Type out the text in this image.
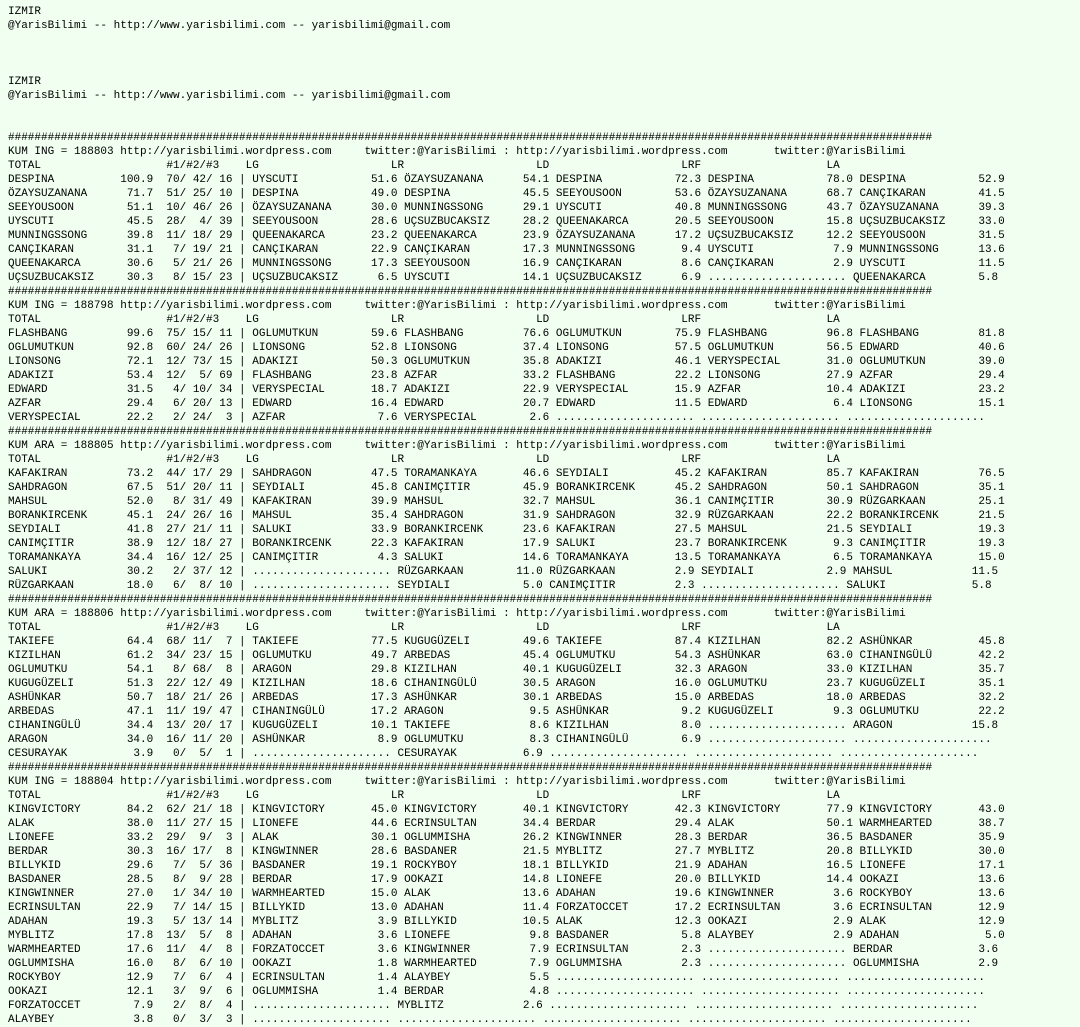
IZMIR
@YarisBilimi -- http://www.yarisbilimi.com -- yarisbilimi@gmail.com
IZMIR
@YarisBilimi -- http://www.yarisbilimi.com -- yarisbilimi@gmail.com
############################################################################################################################################
KUM ING = 188803 http://yarisbilimi.wordpress.com     twitter:@YarisBilimi : http://yarisbilimi.wordpress.com       twitter:@YarisBilimi
TOTAL                   #1/#2/#3    LG                    LR                    LD                    LRF                   LA
DESPINA          100.9  70/ 42/ 16 | UYSCUTI           51.6 ÖZAYSUZANANA      54.1 DESPINA           72.3 DESPINA           78.0 DESPINA           52.9
ÖZAYSUZANANA      71.7  51/ 25/ 10 | DESPINA           49.0 DESPINA           45.5 SEEYOUSOON        53.6 ÖZAYSUZANANA      68.7 CANÇIKARAN        41.5
SEEYOUSOON        51.1  10/ 46/ 26 | ÖZAYSUZANANA      30.0 MUNNINGSSONG      29.1 UYSCUTI           40.8 MUNNINGSSONG      43.7 ÖZAYSUZANANA      39.3
UYSCUTI           45.5  28/  4/ 39 | SEEYOUSOON        28.6 UÇSUZBUCAKSIZ     28.2 QUEENAKARCA       20.5 SEEYOUSOON        15.8 UÇSUZBUCAKSIZ     33.0
MUNNINGSSONG      39.8  11/ 18/ 29 | QUEENAKARCA       23.2 QUEENAKARCA       23.9 ÖZAYSUZANANA      17.2 UÇSUZBUCAKSIZ     12.2 SEEYOUSOON        31.5
CANÇIKARAN        31.1   7/ 19/ 21 | CANÇIKARAN        22.9 CANÇIKARAN        17.3 MUNNINGSSONG       9.4 UYSCUTI            7.9 MUNNINGSSONG      13.6
QUEENAKARCA       30.6   5/ 21/ 26 | MUNNINGSSONG      17.3 SEEYOUSOON        16.9 CANÇIKARAN         8.6 CANÇIKARAN         2.9 UYSCUTI           11.5
UÇSUZBUCAKSIZ     30.3   8/ 15/ 23 | UÇSUZBUCAKSIZ      6.5 UYSCUTI           14.1 UÇSUZBUCAKSIZ      6.9 ..................... QUEENAKARCA        5.8
############################################################################################################################################
KUM ING = 188798 http://yarisbilimi.wordpress.com     twitter:@YarisBilimi : http://yarisbilimi.wordpress.com       twitter:@YarisBilimi
TOTAL                   #1/#2/#3    LG                    LR                    LD                    LRF                   LA
FLASHBANG         99.6  75/ 15/ 11 | OGLUMUTKUN        59.6 FLASHBANG         76.6 OGLUMUTKUN        75.9 FLASHBANG         96.8 FLASHBANG         81.8
OGLUMUTKUN        92.8  60/ 24/ 26 | LIONSONG          52.8 LIONSONG          37.4 LIONSONG          57.5 OGLUMUTKUN        56.5 EDWARD            40.6
LIONSONG          72.1  12/ 73/ 15 | ADAKIZI           50.3 OGLUMUTKUN        35.8 ADAKIZI           46.1 VERYSPECIAL       31.0 OGLUMUTKUN        39.0
ADAKIZI           53.4  12/  5/ 69 | FLASHBANG         23.8 AZFAR             33.2 FLASHBANG         22.2 LIONSONG          27.9 AZFAR             29.4
EDWARD            31.5   4/ 10/ 34 | VERYSPECIAL       18.7 ADAKIZI           22.9 VERYSPECIAL       15.9 AZFAR             10.4 ADAKIZI           23.2
AZFAR             29.4   6/ 20/ 13 | EDWARD            16.4 EDWARD            20.7 EDWARD            11.5 EDWARD             6.4 LIONSONG          15.1
VERYSPECIAL       22.2   2/ 24/  3 | AZFAR              7.6 VERYSPECIAL        2.6 ..................... ..................... .....................
############################################################################################################################################
KUM ARA = 188805 http://yarisbilimi.wordpress.com     twitter:@YarisBilimi : http://yarisbilimi.wordpress.com       twitter:@YarisBilimi
TOTAL                   #1/#2/#3    LG                    LR                    LD                    LRF                   LA
KAFAKIRAN         73.2  44/ 17/ 29 | SAHDRAGON         47.5 TORAMANKAYA       46.6 SEYDIALI          45.2 KAFAKIRAN         85.7 KAFAKIRAN         76.5
SAHDRAGON         67.5  51/ 20/ 11 | SEYDIALI          45.8 CANIMÇITIR        45.9 BORANKIRCENK      45.2 SAHDRAGON         50.1 SAHDRAGON         35.1
MAHSUL            52.0   8/ 31/ 49 | KAFAKIRAN         39.9 MAHSUL            32.7 MAHSUL            36.1 CANIMÇITIR        30.9 RÜZGARKAAN        25.1
BORANKIRCENK      45.1  24/ 26/ 16 | MAHSUL            35.4 SAHDRAGON         31.9 SAHDRAGON         32.9 RÜZGARKAAN        22.2 BORANKIRCENK      21.5
SEYDIALI          41.8  27/ 21/ 11 | SALUKI            33.9 BORANKIRCENK      23.6 KAFAKIRAN         27.5 MAHSUL            21.5 SEYDIALI          19.3
CANIMÇITIR        38.9  12/ 18/ 27 | BORANKIRCENK      22.3 KAFAKIRAN         17.9 SALUKI            23.7 BORANKIRCENK       9.3 CANIMÇITIR        19.3
TORAMANKAYA       34.4  16/ 12/ 25 | CANIMÇITIR         4.3 SALUKI            14.6 TORAMANKAYA       13.5 TORAMANKAYA        6.5 TORAMANKAYA       15.0
SALUKI            30.2   2/ 37/ 12 | ..................... RÜZGARKAAN        11.0 RÜZGARKAAN         2.9 SEYDIALI           2.9 MAHSUL            11.5
RÜZGARKAAN        18.0   6/  8/ 10 | ..................... SEYDIALI           5.0 CANIMÇITIR         2.3 ..................... SALUKI             5.8
############################################################################################################################################
KUM ARA = 188806 http://yarisbilimi.wordpress.com     twitter:@YarisBilimi : http://yarisbilimi.wordpress.com       twitter:@YarisBilimi
TOTAL                   #1/#2/#3    LG                    LR                    LD                    LRF                   LA
TAKIEFE           64.4  68/ 11/  7 | TAKIEFE           77.5 KUGUGÜZELI        49.6 TAKIEFE           87.4 KIZILHAN          82.2 ASHÜNKAR          45.8
KIZILHAN          61.2  34/ 23/ 15 | OGLUMUTKU         49.7 ARBEDAS           45.4 OGLUMUTKU         54.3 ASHÜNKAR          63.0 CIHANINGÜLÜ       42.2
OGLUMUTKU         54.1   8/ 68/  8 | ARAGON            29.8 KIZILHAN          40.1 KUGUGÜZELI        32.3 ARAGON            33.0 KIZILHAN          35.7
KUGUGÜZELI        51.3  22/ 12/ 49 | KIZILHAN          18.6 CIHANINGÜLÜ       30.5 ARAGON            16.0 OGLUMUTKU         23.7 KUGUGÜZELI        35.1
ASHÜNKAR          50.7  18/ 21/ 26 | ARBEDAS           17.3 ASHÜNKAR          30.1 ARBEDAS           15.0 ARBEDAS           18.0 ARBEDAS           32.2
ARBEDAS           47.1  11/ 19/ 47 | CIHANINGÜLÜ       17.2 ARAGON             9.5 ASHÜNKAR           9.2 KUGUGÜZELI         9.3 OGLUMUTKU         22.2
CIHANINGÜLÜ       34.4  13/ 20/ 17 | KUGUGÜZELI        10.1 TAKIEFE            8.6 KIZILHAN           8.0 ..................... ARAGON            15.8
ARAGON            34.0  16/ 11/ 20 | ASHÜNKAR           8.9 OGLUMUTKU          8.3 CIHANINGÜLÜ        6.9 ..................... .....................
CESURAYAK          3.9   0/  5/  1 | ..................... CESURAYAK          6.9 ..................... ..................... .....................
############################################################################################################################################
KUM ING = 188804 http://yarisbilimi.wordpress.com     twitter:@YarisBilimi : http://yarisbilimi.wordpress.com       twitter:@YarisBilimi
TOTAL                   #1/#2/#3    LG                    LR                    LD                    LRF                   LA
KINGVICTORY       84.2  62/ 21/ 18 | KINGVICTORY       45.0 KINGVICTORY       40.1 KINGVICTORY       42.3 KINGVICTORY       77.9 KINGVICTORY       43.0
ALAK              38.0  11/ 27/ 15 | LIONEFE           44.6 ECRINSULTAN       34.4 BERDAR            29.4 ALAK              50.1 WARMHEARTED       38.7
LIONEFE           33.2  29/  9/  3 | ALAK              30.1 OGLUMMISHA        26.2 KINGWINNER        28.3 BERDAR            36.5 BASDANER          35.9
BERDAR            30.3  16/ 17/  8 | KINGWINNER        28.6 BASDANER          21.5 MYBLITZ           27.7 MYBLITZ           20.8 BILLYKID          30.0
BILLYKID          29.6   7/  5/ 36 | BASDANER          19.1 ROCKYBOY          18.1 BILLYKID          21.9 ADAHAN            16.5 LIONEFE           17.1
BASDANER          28.5   8/  9/ 28 | BERDAR            17.9 OOKAZI            14.8 LIONEFE           20.0 BILLYKID          14.4 OOKAZI            13.6
KINGWINNER        27.0   1/ 34/ 10 | WARMHEARTED       15.0 ALAK              13.6 ADAHAN            19.6 KINGWINNER         3.6 ROCKYBOY          13.6
ECRINSULTAN       22.9   7/ 14/ 15 | BILLYKID          13.0 ADAHAN            11.4 FORZATOCCET       17.2 ECRINSULTAN        3.6 ECRINSULTAN       12.9
ADAHAN            19.3   5/ 13/ 14 | MYBLITZ            3.9 BILLYKID          10.5 ALAK              12.3 OOKAZI             2.9 ALAK              12.9
MYBLITZ           17.8  13/  5/  8 | ADAHAN             3.6 LIONEFE            9.8 BASDANER           5.8 ALAYBEY            2.9 ADAHAN             5.0
WARMHEARTED       17.6  11/  4/  8 | FORZATOCCET        3.6 KINGWINNER         7.9 ECRINSULTAN        2.3 ..................... BERDAR             3.6
OGLUMMISHA        16.0   8/  6/ 10 | OOKAZI             1.8 WARMHEARTED        7.9 OGLUMMISHA         2.3 ..................... OGLUMMISHA         2.9
ROCKYBOY          12.9   7/  6/  4 | ECRINSULTAN        1.4 ALAYBEY            5.5 ..................... ..................... .....................
OOKAZI            12.1   3/  9/  6 | OGLUMMISHA         1.4 BERDAR             4.8 ..................... ..................... .....................
FORZATOCCET        7.9   2/  8/  4 | ..................... MYBLITZ            2.6 ..................... ..................... .....................
ALAYBEY            3.8   0/  3/  3 | ..................... ..................... ..................... ..................... .....................
